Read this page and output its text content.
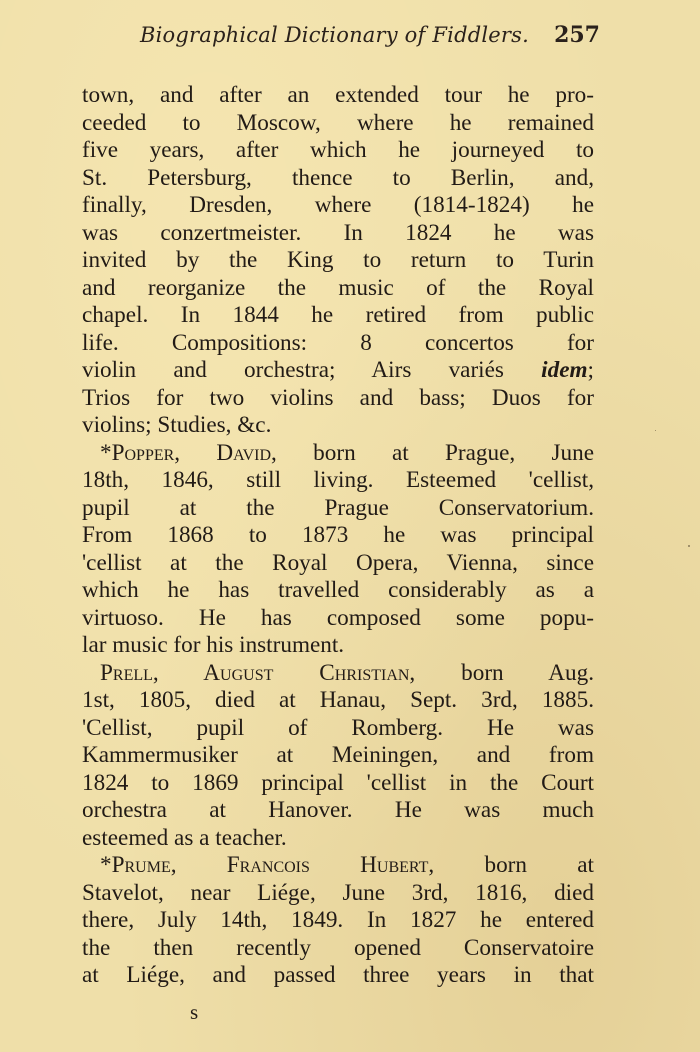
Biographical Dictionary of Fiddlers. 257
town, and after an extended tour he pro-
ceeded to Moscow, where he remained
five years, after which he journeyed to
St. Petersburg, thence to Berlin, and,
finally, Dresden, where (1814-1824) he
was conzertmeister. In 1824 he was
invited by the King to return to Turin
and reorganize the music of the Royal
chapel. In 1844 he retired from public
life. Compositions: 8 concertos for
violin and orchestra; Airs variés idem;
Trios for two violins and bass; Duos for
violins; Studies, &c.
*Popper, David, born at Prague, June
18th, 1846, still living. Esteemed 'cellist,
pupil at the Prague Conservatorium.
From 1868 to 1873 he was principal
'cellist at the Royal Opera, Vienna, since
which he has travelled considerably as a
virtuoso. He has composed some popu-
lar music for his instrument.
Prell, August Christian, born Aug.
1st, 1805, died at Hanau, Sept. 3rd, 1885.
'Cellist, pupil of Romberg. He was
Kammermusiker at Meiningen, and from
1824 to 1869 principal 'cellist in the Court
orchestra at Hanover. He was much
esteemed as a teacher.
*Prume, Francois Hubert, born at
Stavelot, near Liége, June 3rd, 1816, died
there, July 14th, 1849. In 1827 he entered
the then recently opened Conservatoire
at Liége, and passed three years in that
s
